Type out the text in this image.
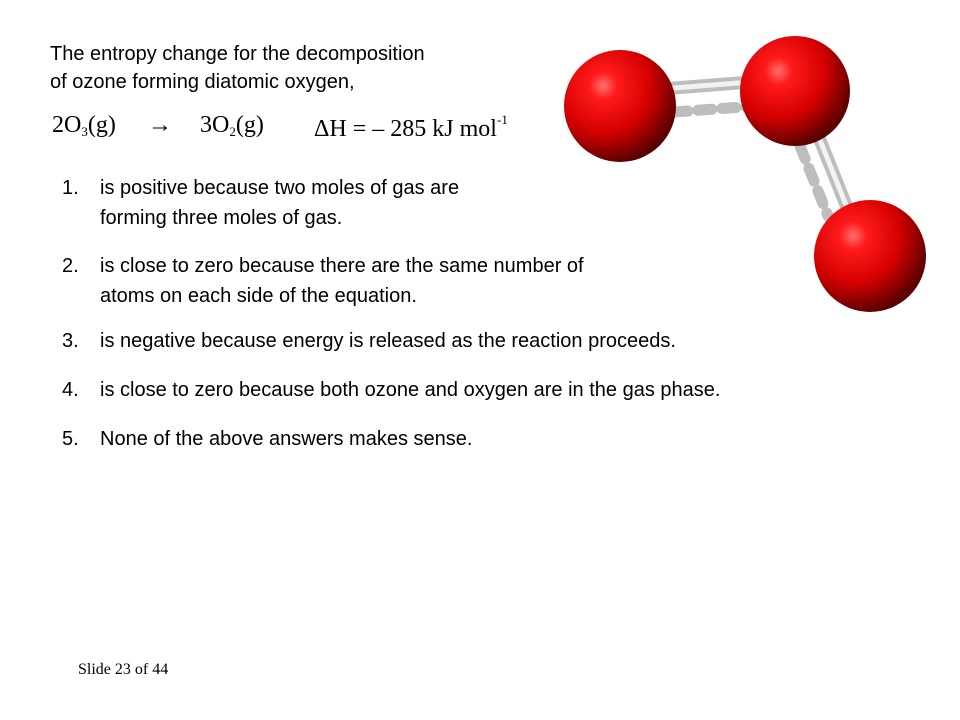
The entropy change for the decomposition
of ozone forming diatomic oxygen,

$2O_3(g) \to 3O_2(g) \Delta H$ = – 285 kJ mol$^{-1}$
1.	is positive because two moles of gas are
forming three moles of gas.
2.	is close to zero because there are the same number of
atoms on each side of the equation.
3.	is negative because energy is released as the reaction proceeds.
4.	is close to zero because both ozone and oxygen are in the gas phase.
5.	None of the above answers makes sense.
Slide 23 of 44
